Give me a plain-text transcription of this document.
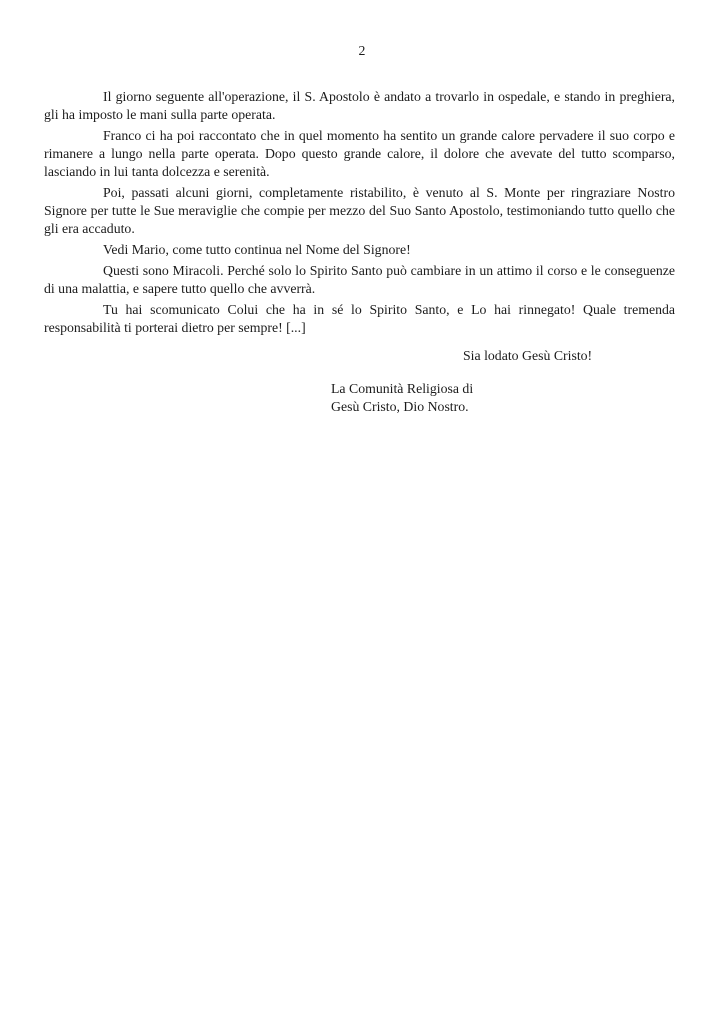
2

Il giorno seguente all'operazione, il S. Apostolo è andato a trovarlo in ospedale, e stando in preghiera, gli ha imposto le mani sulla parte operata.

Franco ci ha poi raccontato che in quel momento ha sentito un grande calore pervadere il suo corpo e rimanere a lungo nella parte operata. Dopo questo grande calore, il dolore che avevate del tutto scomparso, lasciando in lui tanta dolcezza e serenità.

Poi, passati alcuni giorni, completamente ristabilito, è venuto al S. Monte per ringraziare Nostro Signore per tutte le Sue meraviglie che compie per mezzo del Suo Santo Apostolo, testimoniando tutto quello che gli era accaduto.

Vedi Mario, come tutto continua nel Nome del Signore!

Questi sono Miracoli. Perché solo lo Spirito Santo può cambiare in un attimo il corso e le conseguenze di una malattia, e sapere tutto quello che avverrà.

Tu hai scomunicato Colui che ha in sé lo Spirito Santo, e Lo hai rinnegato! Quale tremenda responsabilità ti porterai dietro per sempre! [...]

Sia lodato Gesù Cristo!
La Comunità Religiosa di
Gesù Cristo, Dio Nostro.
